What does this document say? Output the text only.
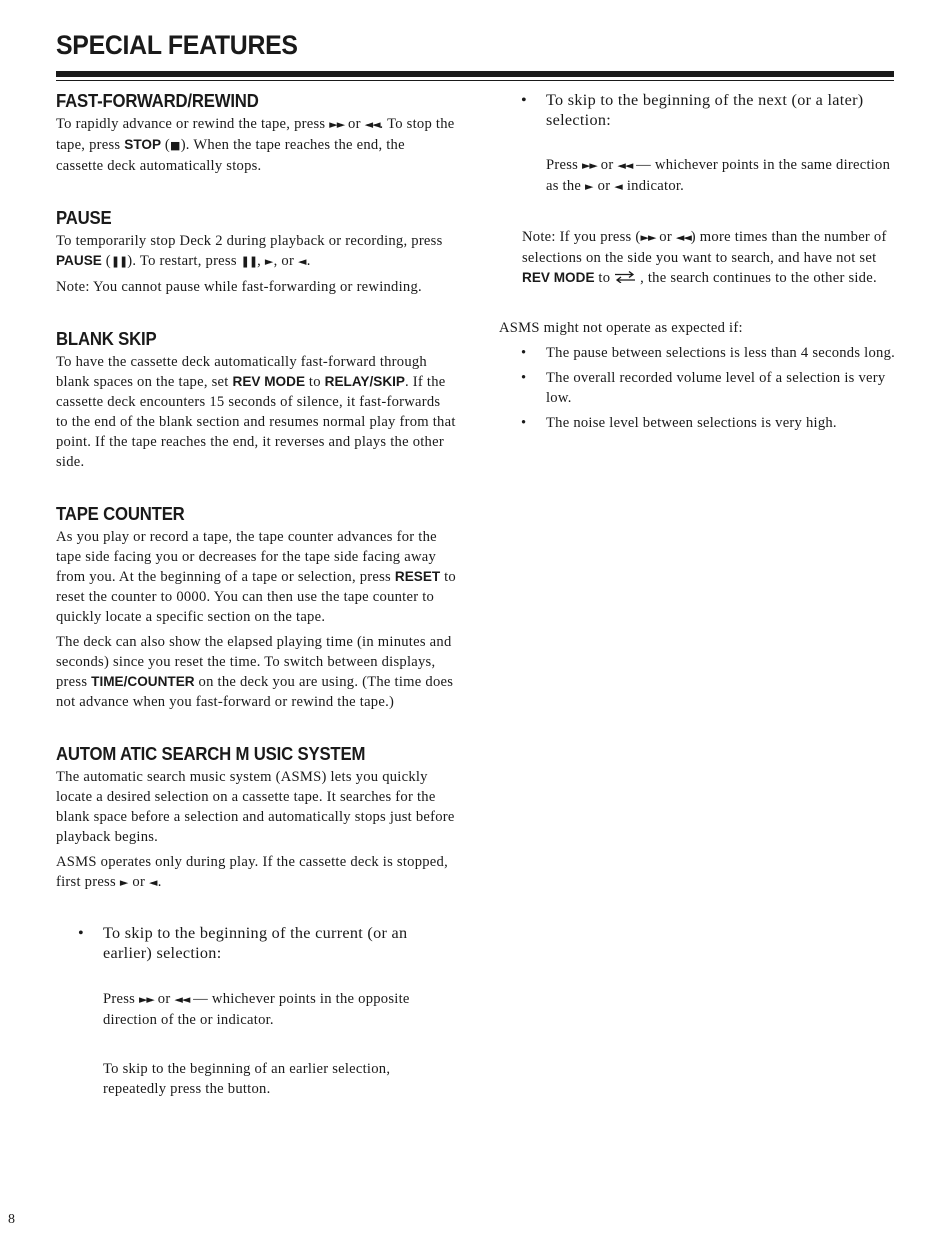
SPECIAL FEATURES
FAST-FORWARD/REWIND

To rapidly advance or rewind the tape, press ►► or ◄◄. To stop the tape, press STOP (■). When the tape reaches the end, the cassette deck automatically stops.

PAUSE

To temporarily stop Deck 2 during playback or recording, press PAUSE (❚❚). To restart, press ❚❚, ►, or ◄.

Note: You cannot pause while fast-forwarding or rewinding.

BLANK SKIP

To have the cassette deck automatically fast-forward through blank spaces on the tape, set REV MODE to RELAY/SKIP. If the cassette deck encounters 15 seconds of silence, it fast-forwards to the end of the blank section and resumes normal play from that point. If the tape reaches the end, it reverses and plays the other side.

TAPE COUNTER

As you play or record a tape, the tape counter advances for the tape side facing you or decreases for the tape side facing away from you. At the beginning of a tape or selection, press RESET to reset the counter to 0000. You can then use the tape counter to quickly locate a specific section on the tape.

The deck can also show the elapsed playing time (in minutes and seconds) since you reset the time. To switch between displays, press TIME/COUNTER on the deck you are using. (The time does not advance when you fast-forward or rewind the tape.)

AUTOM ATIC SEARCH M USIC SYSTEM

The automatic search music system (ASMS) lets you quickly locate a desired selection on a cassette tape. It searches for the blank space before a selection and automatically stops just before playback begins.

ASMS operates only during play. If the cassette deck is stopped, first press ► or ◄.

• To skip to the beginning of the current (or an earlier) selection:

Press ►► or ◄◄ — whichever points in the opposite direction of the or indicator.

To skip to the beginning of an earlier selection, repeatedly press the button.

• To skip to the beginning of the next (or a later) selection:

Press ►► or ◄◄ — whichever points in the same direction as the ► or ◄ indicator.

Note: If you press (►► or ◄◄) more times than the number of selections on the side you want to search, and have not set REV MODE to  , the search continues to the other side.

ASMS might not operate as expected if:

• The pause between selections is less than 4 seconds long.
• The overall recorded volume level of a selection is very low.
• The noise level between selections is very high.
8
